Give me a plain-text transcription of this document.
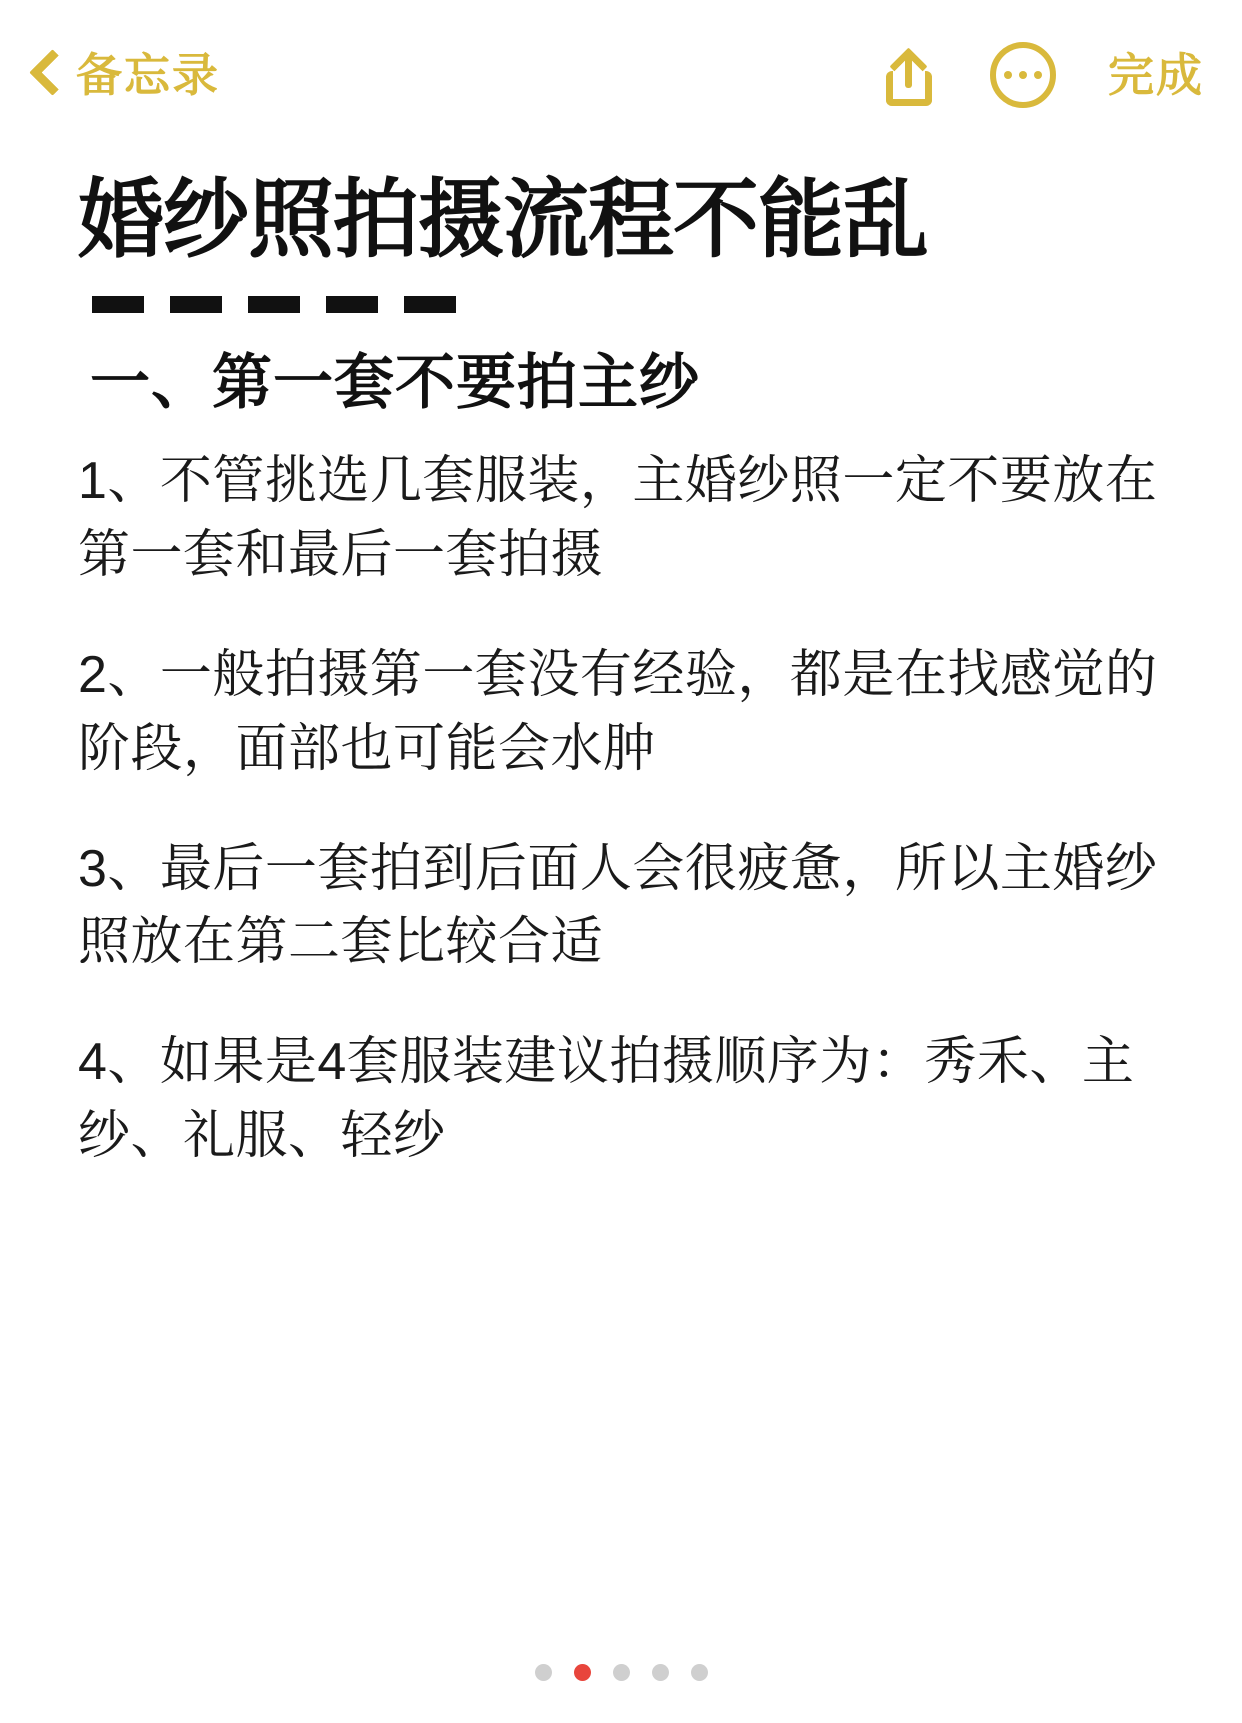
备忘录	完成
婚纱照拍摄流程不能乱
一、第一套不要拍主纱

1、不管挑选几套服装，主婚纱照一定不要放在第一套和最后一套拍摄

2、一般拍摄第一套没有经验，都是在找感觉的阶段，面部也可能会水肿

3、最后一套拍到后面人会很疲惫，所以主婚纱照放在第二套比较合适

4、如果是4套服装建议拍摄顺序为：秀禾、主纱、礼服、轻纱
